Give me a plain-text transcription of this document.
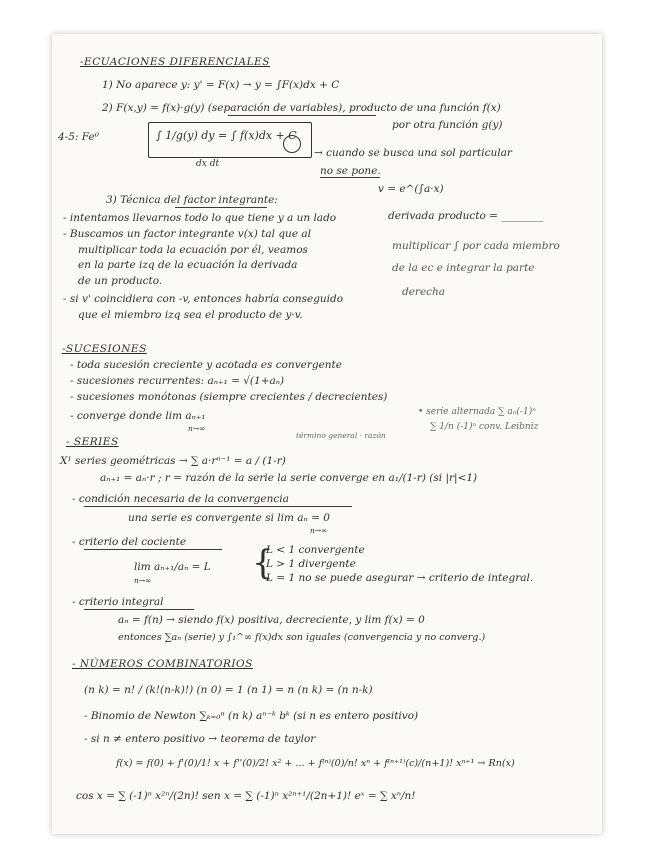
-ECUACIONES DIFERENCIALES
1) No aparece y: y' = F(x) → y = ∫F(x)dx + C
2) F(x,y) = f(x)·g(y) (separación de variables), producto de una función f(x)
por otra función g(y)
4-5: Fe⁰	∫ 1/g(y) dy = ∫ f(x)dx + C
dx dt
→ cuando se busca una sol particular
no se pone.
v = e^(∫a·x)
3) Técnica del factor integrante:
derivada producto = ________
- intentamos llevarnos todo lo que tiene y a un lado
- Buscamos un factor integrante v(x) tal que al
multiplicar toda la ecuación por él, veamos
en la parte izq de la ecuación la derivada
de un producto.
multiplicar ∫ por cada miembro
de la ec e integrar la parte
derecha
- si v' coincidiera con -v, entonces habría conseguido
que el miembro izq sea el producto de y·v.
-SUCESIONES
- toda sucesión creciente y acotada es convergente
- sucesiones recurrentes: aₙ₊₁ = √(1+aₙ)
- sucesiones monótonas (siempre crecientes / decrecientes)
- converge donde lim aₙ₊₁
n→∞
• serie alternada ∑ aₙ(-1)ⁿ
∑ 1/n (-1)ⁿ conv. Leibniz
- SERIES
X¹ series geométricas → ∑ a·rⁿ⁻¹ = a / (1-r)
término general · razón
aₙ₊₁ = aₙ·r ; r = razón de la serie la serie converge en a₁/(1-r) (si |r|<1)
- condición necesaria de la convergencia
una serie es convergente si lim aₙ = 0
n→∞
- criterio del cociente
lim aₙ₊₁/aₙ = L
n→∞	{
L < 1 convergente
L > 1 divergente
L = 1 no se puede asegurar → criterio de integral.
- criterio integral
aₙ = f(n) → siendo f(x) positiva, decreciente, y lim f(x) = 0
entonces ∑aₙ (serie) y ∫₁^∞ f(x)dx son iguales (convergencia y no converg.)
- NÚMEROS COMBINATORIOS
(n k) = n! / (k!(n-k)!) (n 0) = 1 (n 1) = n (n k) = (n n-k)
- Binomio de Newton ∑ₖ₌₀ⁿ (n k) aⁿ⁻ᵏ bᵏ (si n es entero positivo)
- si n ≠ entero positivo → teorema de taylor
f(x) = f(0) + f'(0)/1! x + f''(0)/2! x² + ... + f⁽ⁿ⁾(0)/n! xⁿ + f⁽ⁿ⁺¹⁾(c)/(n+1)! xⁿ⁺¹ → Rn(x)
cos x = ∑ (-1)ⁿ x²ⁿ/(2n)! sen x = ∑ (-1)ⁿ x²ⁿ⁺¹/(2n+1)! eˣ = ∑ xⁿ/n!
